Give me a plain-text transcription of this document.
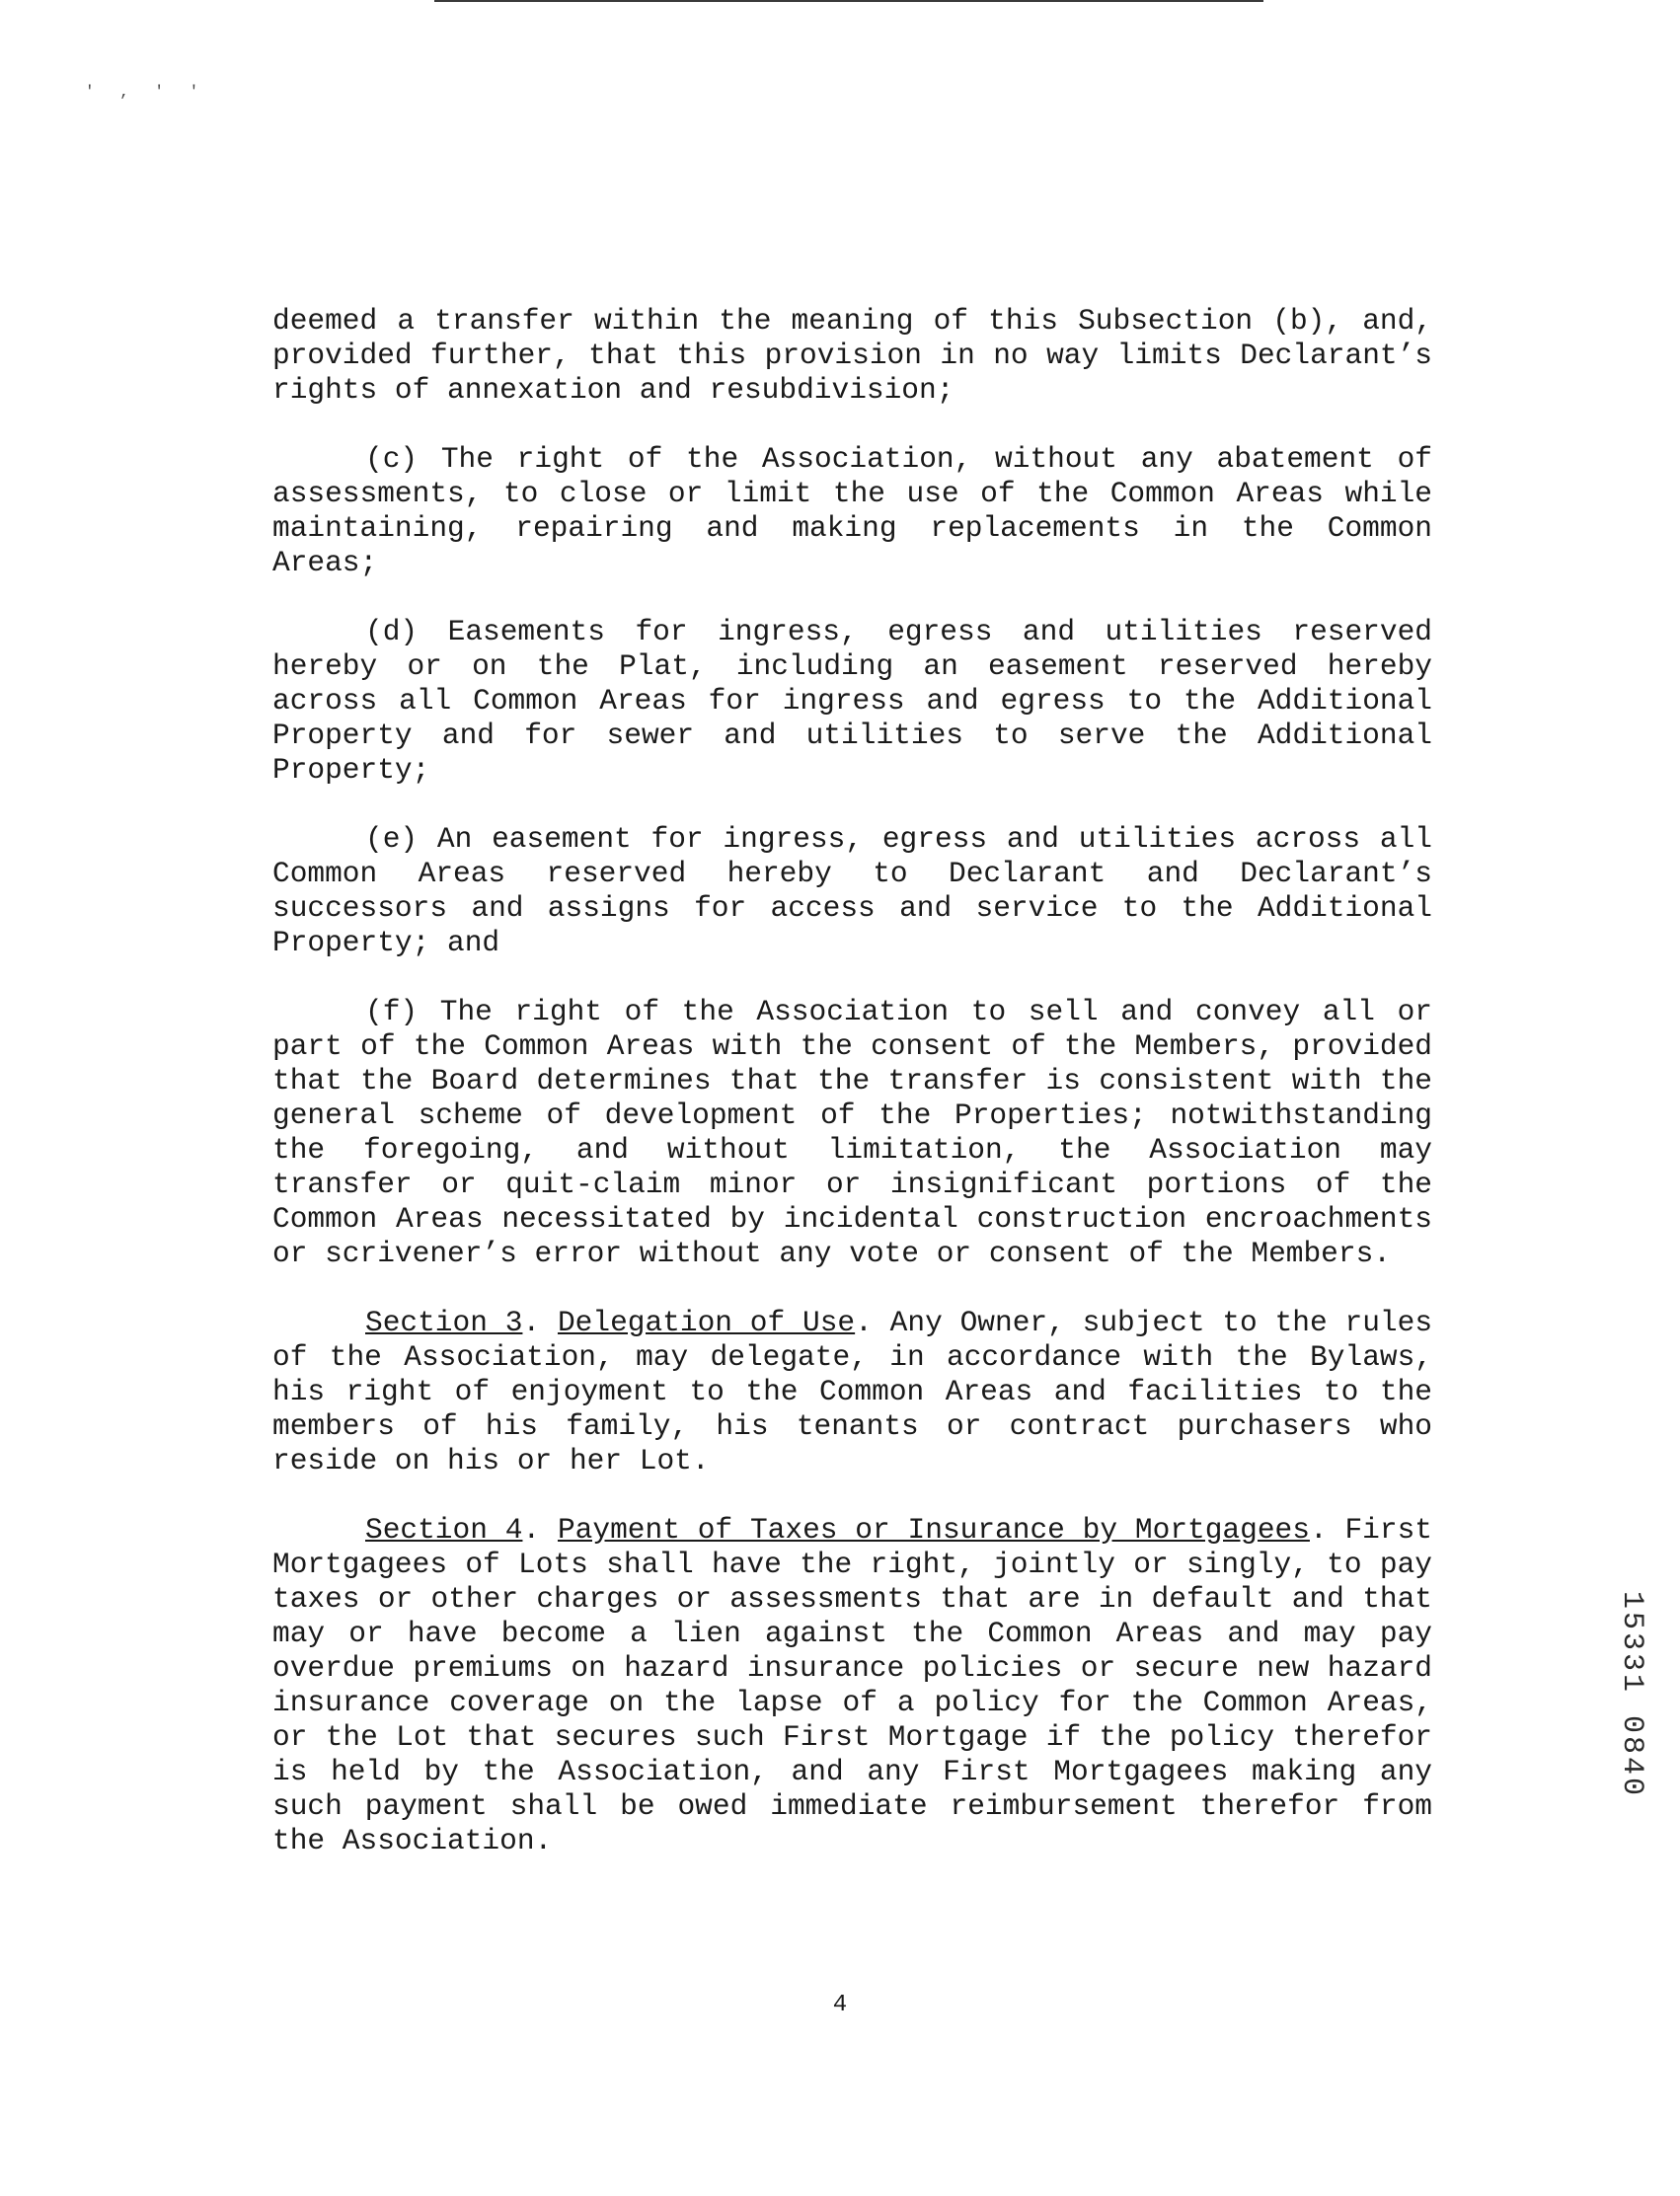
' , ' '

deemed a transfer within the meaning of this Subsection (b), and, provided further, that this provision in no way limits Declarant’s rights of annexation and resubdivision;

(c) The right of the Association, without any abatement of assessments, to close or limit the use of the Common Areas while maintaining, repairing and making replacements in the Common Areas;

(d) Easements for ingress, egress and utilities reserved hereby or on the Plat, including an easement reserved hereby across all Common Areas for ingress and egress to the Additional Property and for sewer and utilities to serve the Additional Property;

(e) An easement for ingress, egress and utilities across all Common Areas reserved hereby to Declarant and Declarant’s successors and assigns for access and service to the Additional Property; and

(f) The right of the Association to sell and convey all or part of the Common Areas with the consent of the Members, provided that the Board determines that the transfer is consistent with the general scheme of development of the Properties; notwithstanding the foregoing, and without limitation, the Association may transfer or quit-claim minor or insignificant portions of the Common Areas necessitated by incidental construction encroachments or scrivener’s error without any vote or consent of the Members.

Section 3. Delegation of Use. Any Owner, subject to the rules of the Association, may delegate, in accordance with the Bylaws, his right of enjoyment to the Common Areas and facilities to the members of his family, his tenants or contract purchasers who reside on his or her Lot.

Section 4. Payment of Taxes or Insurance by Mortgagees. First Mortgagees of Lots shall have the right, jointly or singly, to pay taxes or other charges or assessments that are in default and that may or have become a lien against the Common Areas and may pay overdue premiums on hazard insurance policies or secure new hazard insurance coverage on the lapse of a policy for the Common Areas, or the Lot that secures such First Mortgage if the policy therefor is held by the Association, and any First Mortgagees making any such payment shall be owed immediate reimbursement therefor from the Association.

4
15331 0840
